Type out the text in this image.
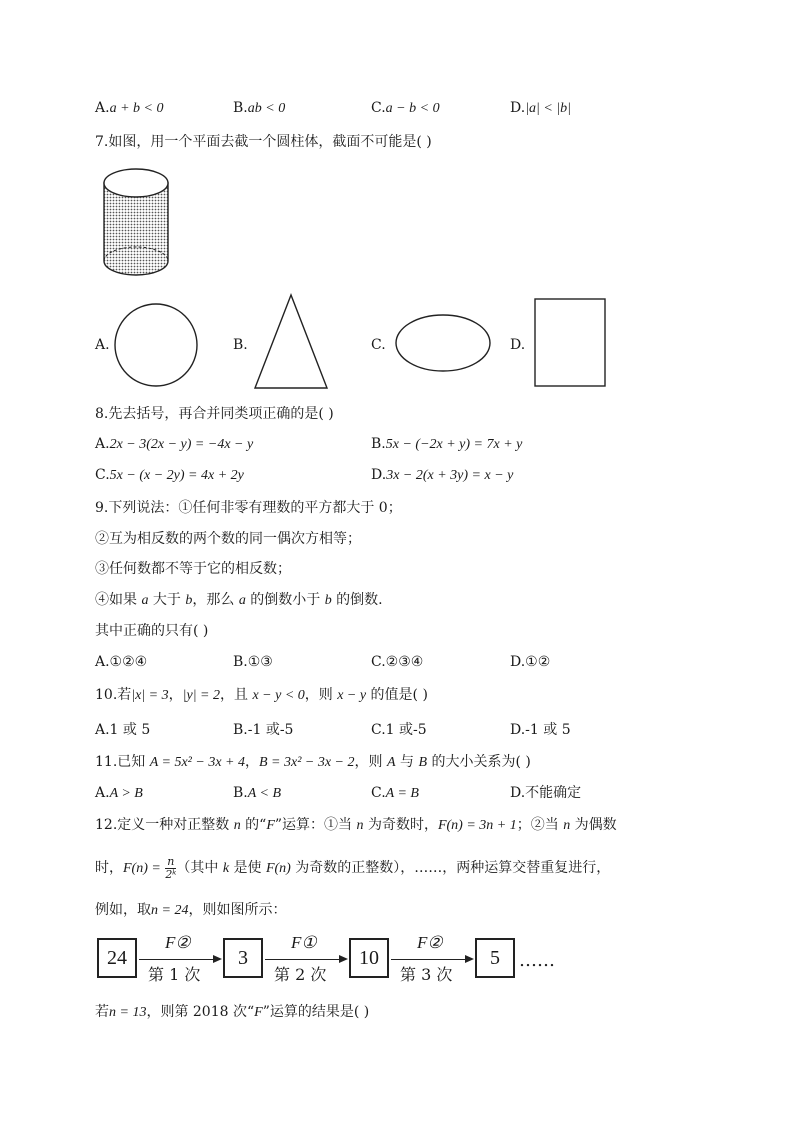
A.a + b < 0	B.ab < 0	C.a − b < 0	D.|a| < |b|
7.如图，用一个平面去截一个圆柱体，截面不可能是( )
A.	B.	C.	D.
8.先去括号，再合并同类项正确的是( )
A.2x − 3(2x − y) = −4x − y	B.5x − (−2x + y) = 7x + y
C.5x − (x − 2y) = 4x + 2y	D.3x − 2(x + 3y) = x − y
9.下列说法：①任何非零有理数的平方都大于 0；
②互为相反数的两个数的同一偶次方相等；
③任何数都不等于它的相反数；
④如果 a 大于 b，那么 a 的倒数小于 b 的倒数.
其中正确的只有( )
A.①②④	B.①③	C.②③④	D.①②
10.若|x| = 3，|y| = 2，且 x − y < 0，则 x − y 的值是( )
A.1 或 5	B.-1 或-5	C.1 或-5	D.-1 或 5
11.已知 A = 5x² − 3x + 4，B = 3x² − 3x − 2，则 A 与 B 的大小关系为( )
A.A > B	B.A < B	C.A = B	D.不能确定
12.定义一种对正整数 n 的“F”运算：①当 n 为奇数时，F(n) = 3n + 1；②当 n 为偶数
时，$F(n) = \frac{n}{\text{2ᵏ}}$ （其中 k 是使 F(n) 为奇数的正整数），……，两种运算交替重复进行，
例如，取n = 24，则如图所示：
24
F②
第 1 次
3
F①
第 2 次
10
F②
第 3 次
5	……
若n = 13，则第 2018 次“F”运算的结果是( )
